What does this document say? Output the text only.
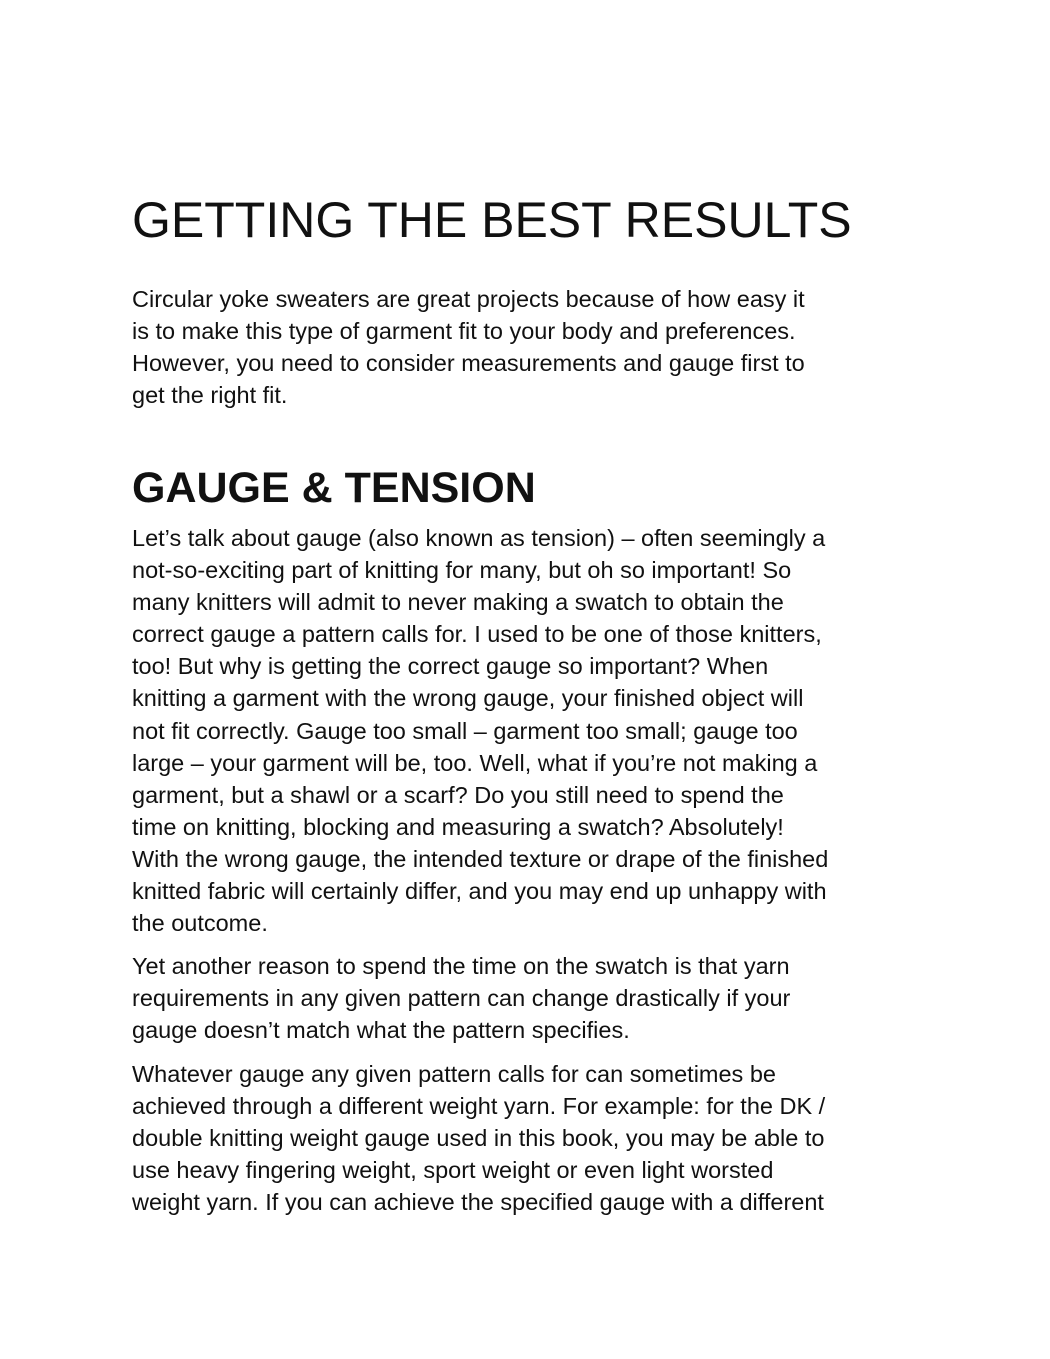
GETTING THE BEST RESULTS
Circular yoke sweaters are great projects because of how easy it
is to make this type of garment fit to your body and preferences.
However, you need to consider measurements and gauge first to
get the right fit.
GAUGE & TENSION

Let’s talk about gauge (also known as tension) – often seemingly a
not-so-exciting part of knitting for many, but oh so important! So
many knitters will admit to never making a swatch to obtain the
correct gauge a pattern calls for. I used to be one of those knitters,
too! But why is getting the correct gauge so important? When
knitting a garment with the wrong gauge, your finished object will
not fit correctly. Gauge too small – garment too small; gauge too
large – your garment will be, too. Well, what if you’re not making a
garment, but a shawl or a scarf? Do you still need to spend the
time on knitting, blocking and measuring a swatch? Absolutely!
With the wrong gauge, the intended texture or drape of the finished
knitted fabric will certainly differ, and you may end up unhappy with
the outcome.

Yet another reason to spend the time on the swatch is that yarn
requirements in any given pattern can change drastically if your
gauge doesn’t match what the pattern specifies.

Whatever gauge any given pattern calls for can sometimes be
achieved through a different weight yarn. For example: for the DK /
double knitting weight gauge used in this book, you may be able to
use heavy fingering weight, sport weight or even light worsted
weight yarn. If you can achieve the specified gauge with a different
